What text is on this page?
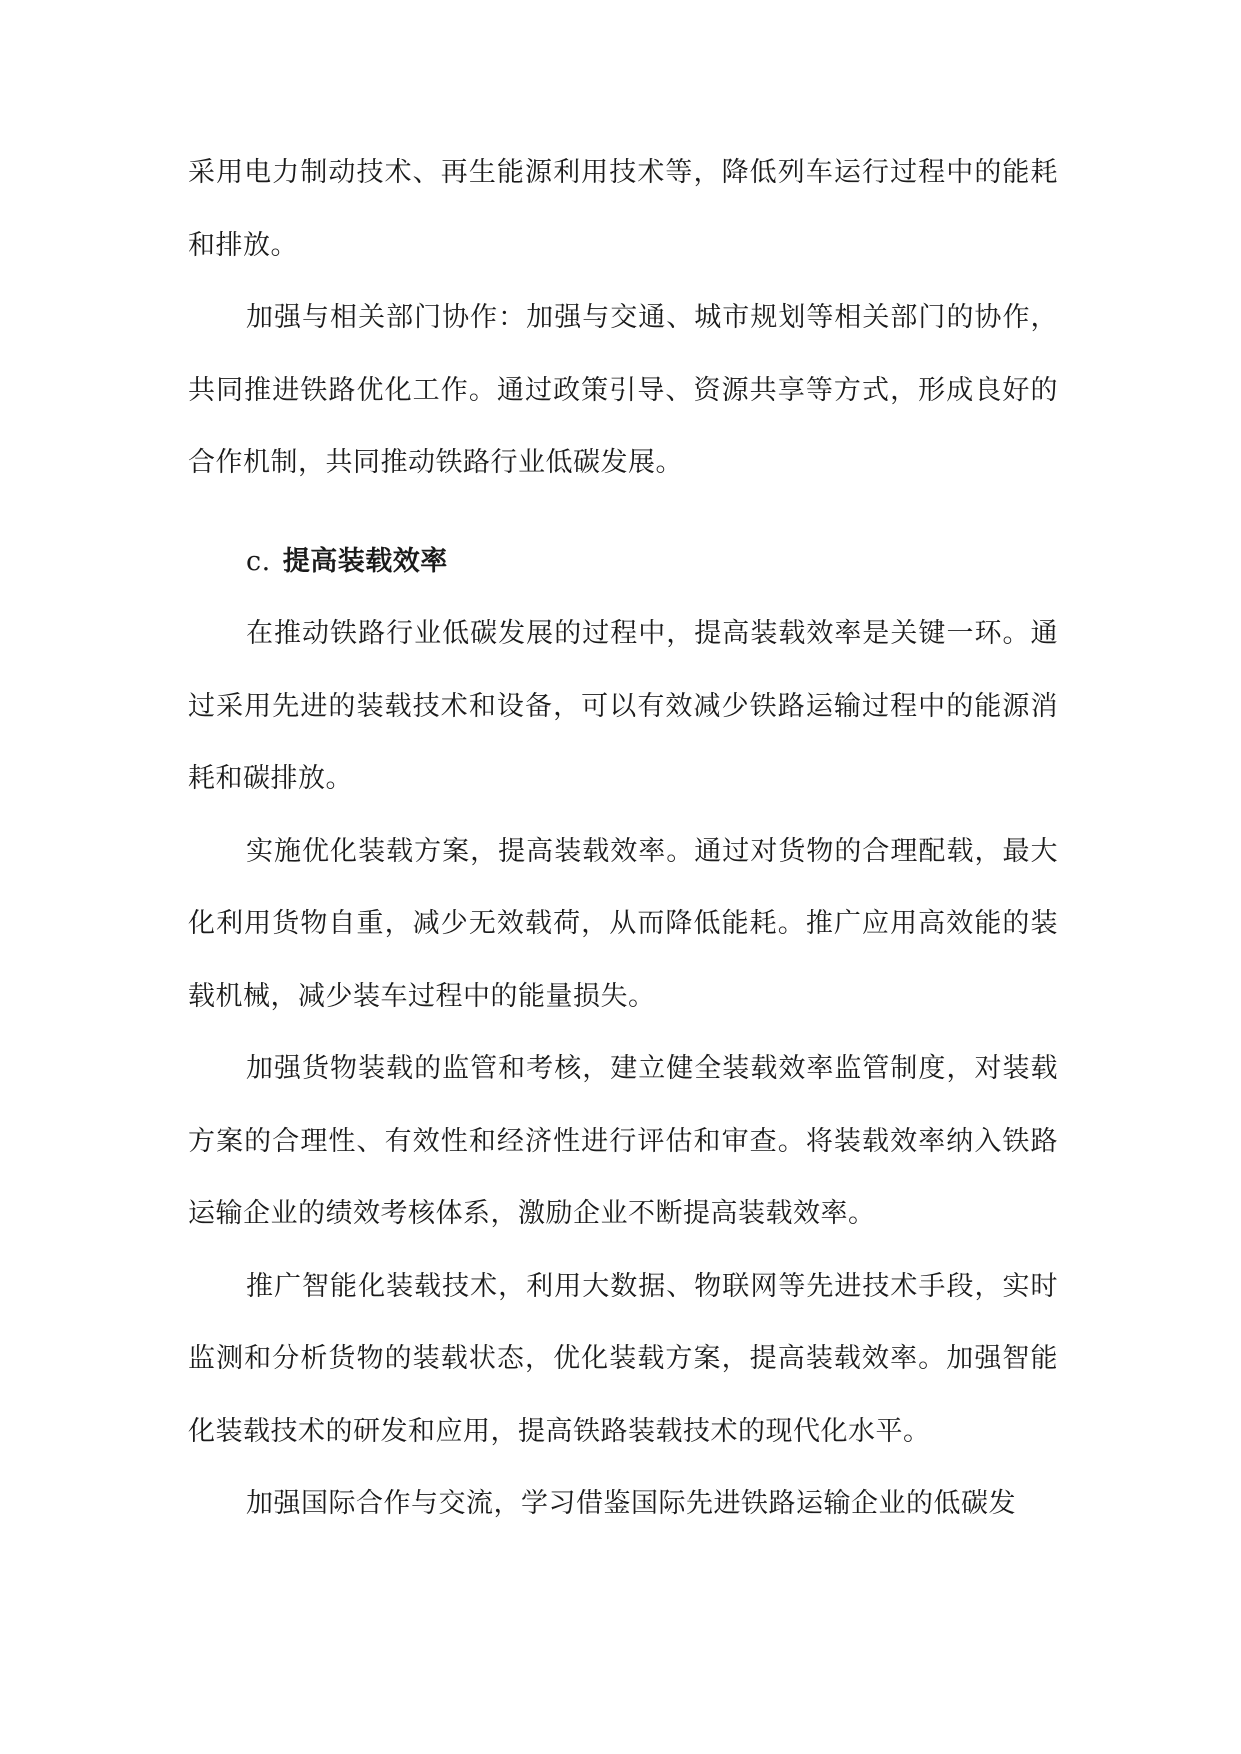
采用电力制动技术、再生能源利用技术等，降低列车运行过程中的能耗和排放。

加强与相关部门协作：加强与交通、城市规划等相关部门的协作，共同推进铁路优化工作。通过政策引导、资源共享等方式，形成良好的合作机制，共同推动铁路行业低碳发展。

c. 提高装载效率

在推动铁路行业低碳发展的过程中，提高装载效率是关键一环。通过采用先进的装载技术和设备，可以有效减少铁路运输过程中的能源消耗和碳排放。

实施优化装载方案，提高装载效率。通过对货物的合理配载，最大化利用货物自重，减少无效载荷，从而降低能耗。推广应用高效能的装载机械，减少装车过程中的能量损失。

加强货物装载的监管和考核，建立健全装载效率监管制度，对装载方案的合理性、有效性和经济性进行评估和审查。将装载效率纳入铁路运输企业的绩效考核体系，激励企业不断提高装载效率。

推广智能化装载技术，利用大数据、物联网等先进技术手段，实时监测和分析货物的装载状态，优化装载方案，提高装载效率。加强智能化装载技术的研发和应用，提高铁路装载技术的现代化水平。

加强国际合作与交流，学习借鉴国际先进铁路运输企业的低碳发
